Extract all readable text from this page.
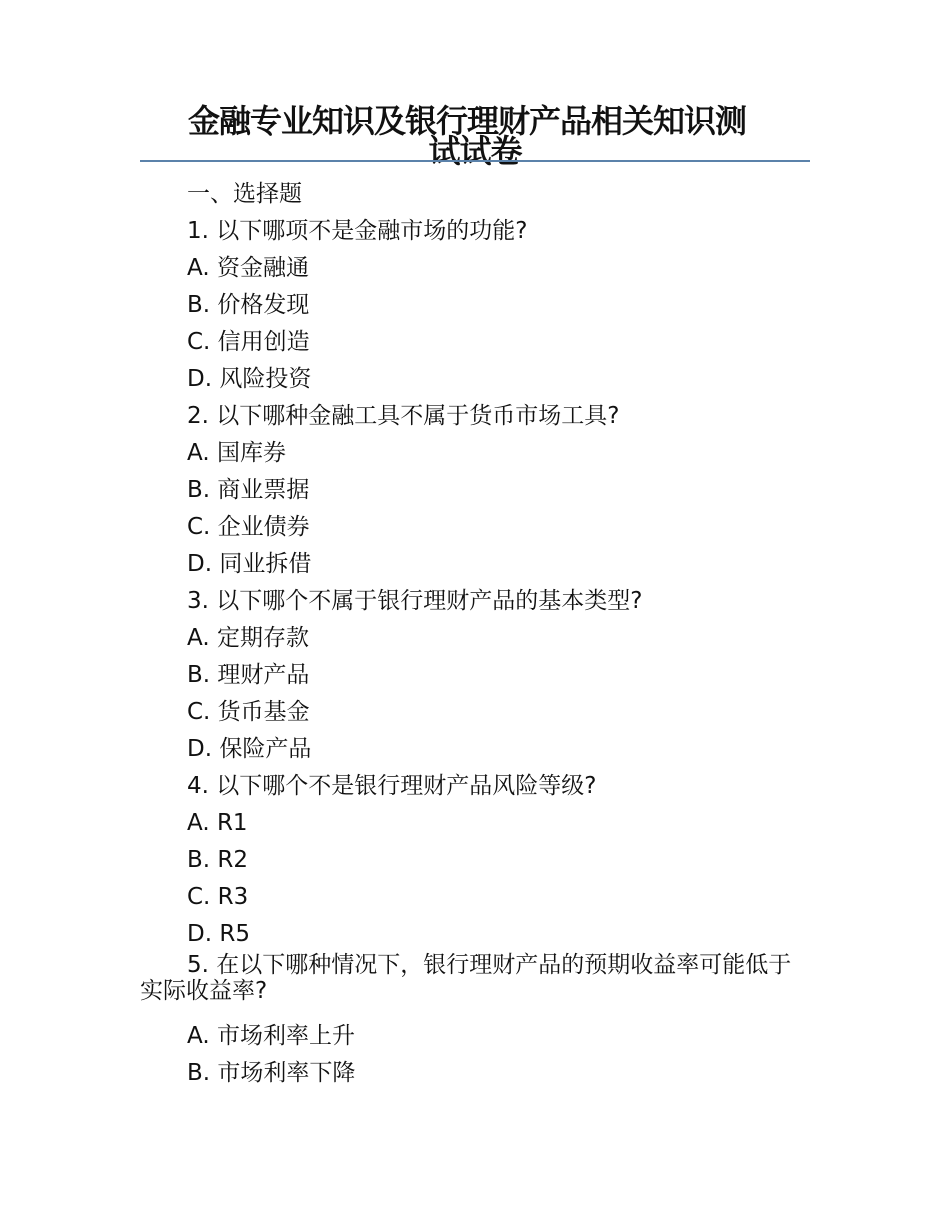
金融专业知识及银行理财产品相关知识测
试试卷
一、选择题
1. 以下哪项不是金融市场的功能?
A. 资金融通
B. 价格发现
C. 信用创造
D. 风险投资
2. 以下哪种金融工具不属于货币市场工具?
A. 国库券
B. 商业票据
C. 企业债券
D. 同业拆借
3. 以下哪个不属于银行理财产品的基本类型?
A. 定期存款
B. 理财产品
C. 货币基金
D. 保险产品
4. 以下哪个不是银行理财产品风险等级?
A. R1
B. R2
C. R3
D. R5
5. 在以下哪种情况下，银行理财产品的预期收益率可能低于实际收益率?
A. 市场利率上升
B. 市场利率下降
